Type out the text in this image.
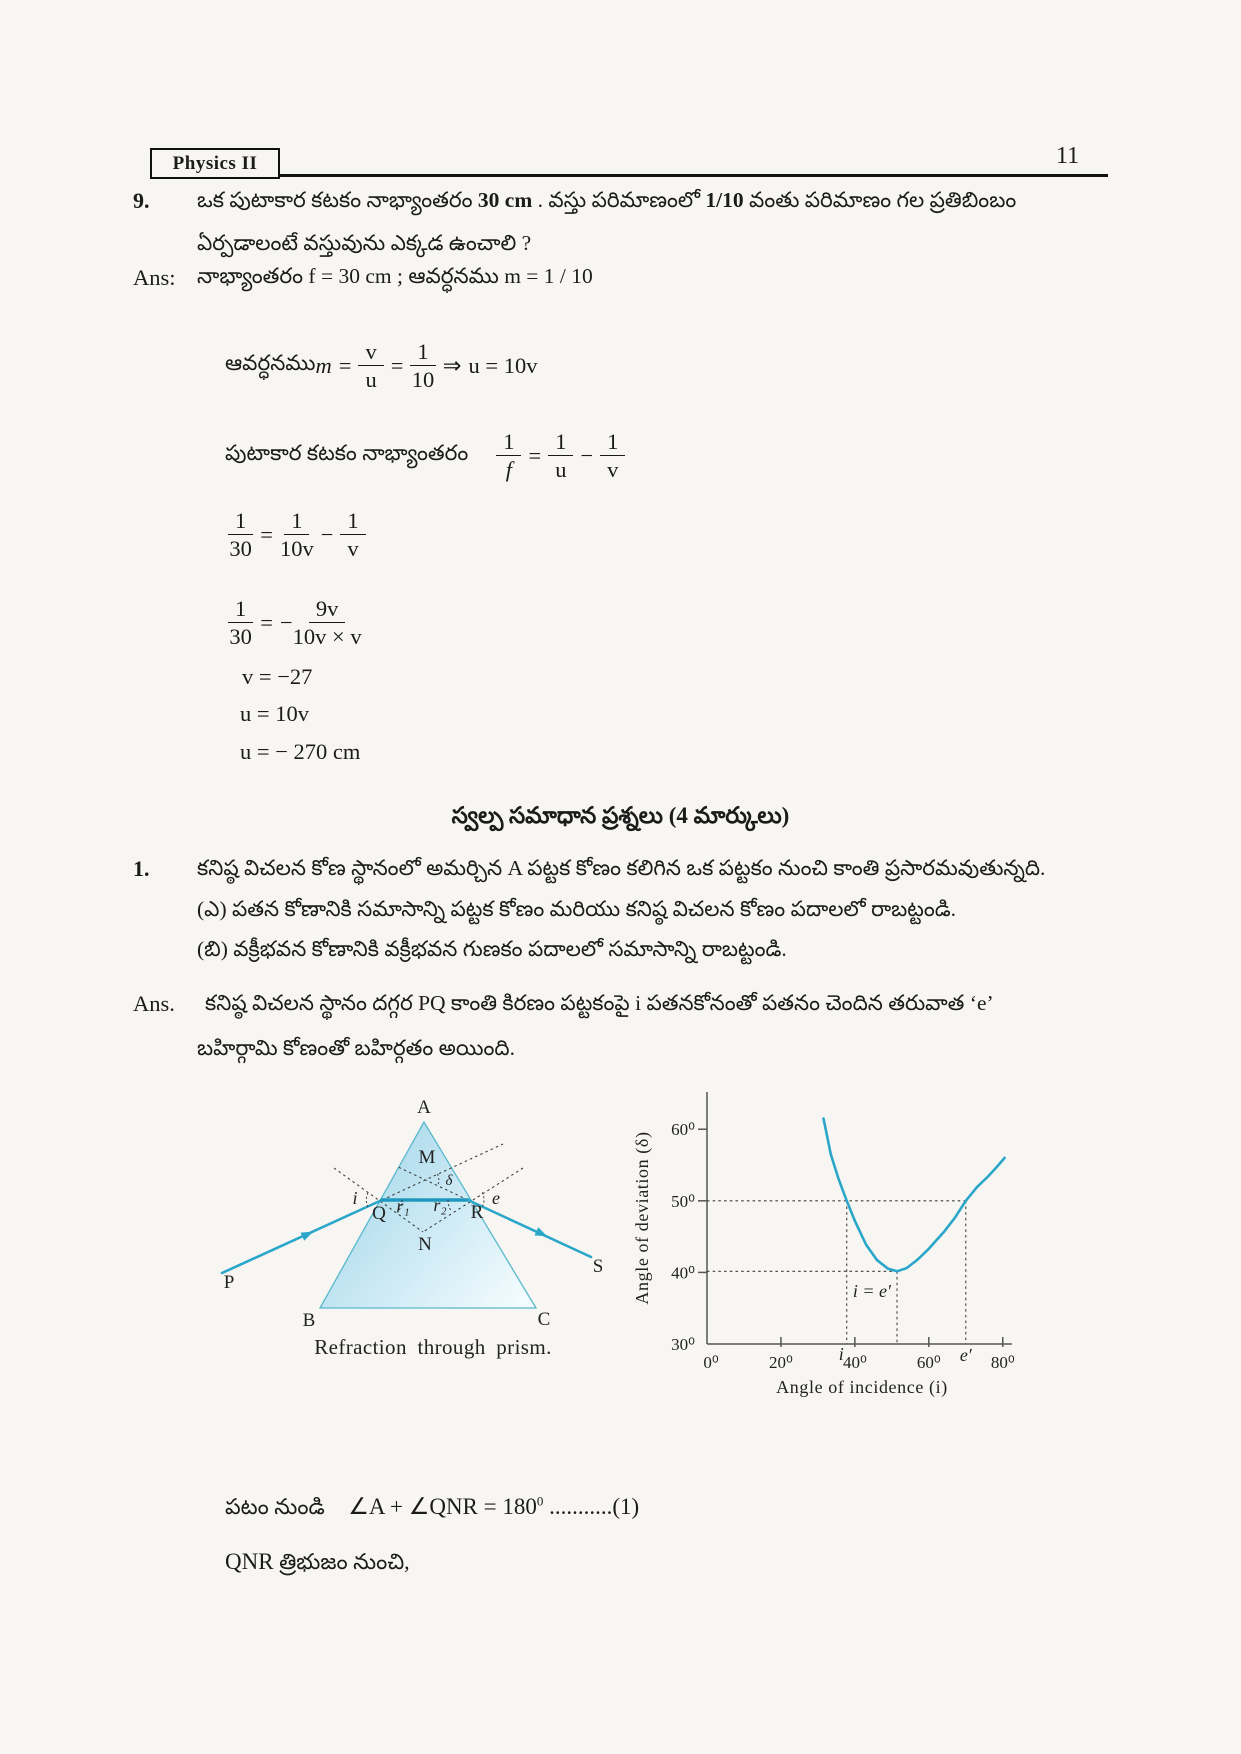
Physics II	11
9. ఒక పుటాకార కటకం నాభ్యాంతరం 30 cm . వస్తు పరిమాణంలో 1/10 వంతు పరిమాణం గల ప్రతిబింబం
ఏర్పడాలంటే వస్తువును ఎక్కడ ఉంచాలి ?
Ans: నాభ్యాంతరం f = 30 cm ; ఆవర్ధనము m = 1 / 10
ఆవర్ధనము $m = \frac{v}{u} = \frac{1}{10}$ ⇒ u = 10v
పుటాకార కటకం నాభ్యాంతరం $\frac{1}{f} = \frac{1}{u} - \frac{1}{v}$
$\frac{1}{30} = \frac{1}{10v} - \frac{1}{v}$
$\frac{1}{30}$ = − $\frac{9v}{10v \times v}$
v = −27
u = 10v
u = − 270 cm
స్వల్ప సమాధాన ప్రశ్నలు (4 మార్కులు)
1. కనిష్ఠ విచలన కోణ స్థానంలో అమర్చిన A పట్టక కోణం కలిగిన ఒక పట్టకం నుంచి కాంతి ప్రసారమవుతున్నది.
(ఎ) పతన కోణానికి సమాసాన్ని పట్టక కోణం మరియు కనిష్ఠ విచలన కోణం పదాలలో రాబట్టండి.
(బి) వక్రీభవన కోణానికి వక్రీభవన గుణకం పదాలలో సమాసాన్ని రాబట్టండి.
Ans. కనిష్ఠ విచలన స్థానం దగ్గర PQ కాంతి కిరణం పట్టకంపై i పతనకోనంతో పతనం చెందిన తరువాత ‘e’
బహిర్గామి కోణంతో బహిర్గతం అయింది.
A
B	C
P
S
Q	R
M
N
i	e
r₁ r₂
δ
Refraction through prism.
Angle of deviation (δ)
Angle of incidence (i)
30⁰
40⁰
50⁰
60⁰
0⁰	20⁰	40⁰	60⁰	80⁰
i	e′
i = e′
పటం నుండి ∠A + ∠QNR = $180^0$ ...........(1)
QNR త్రిభుజం నుంచి,
